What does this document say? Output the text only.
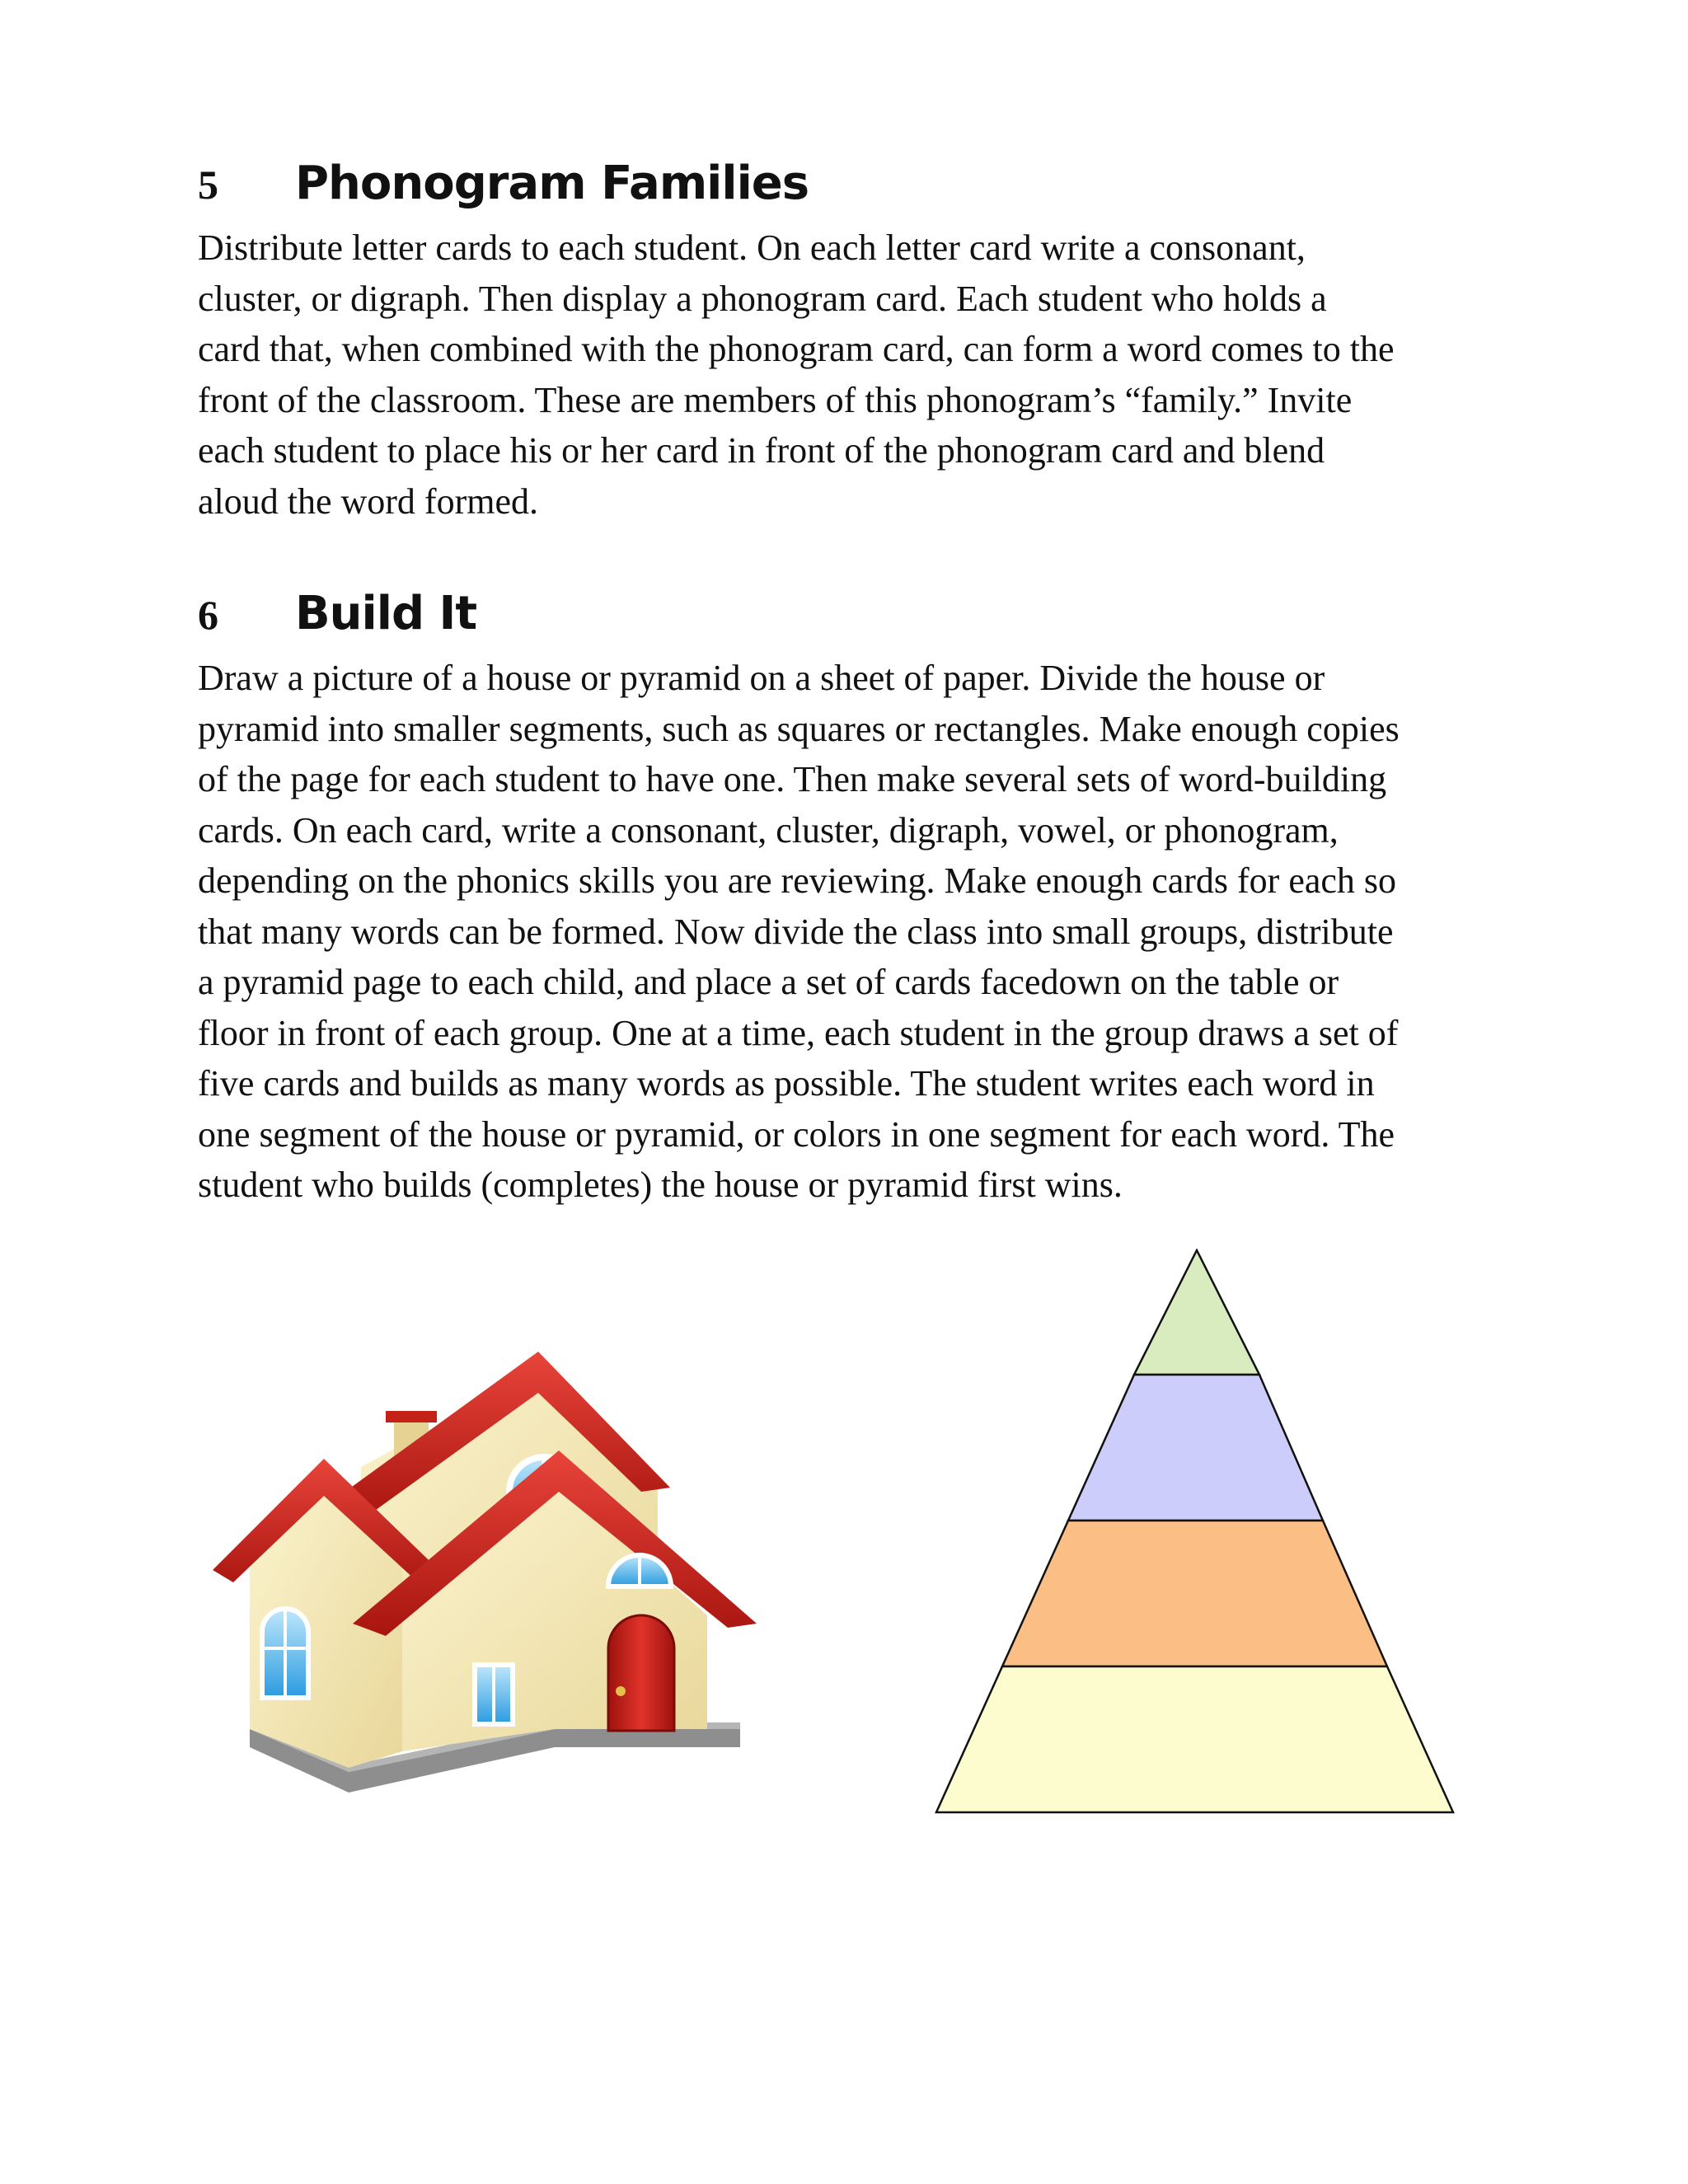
5	Phonogram Families

Distribute letter cards to each student. On each letter card write a consonant,
cluster, or digraph. Then display a phonogram card. Each student who holds a
card that, when combined with the phonogram card, can form a word comes to the
front of the classroom. These are members of this phonogram’s “family.” Invite
each student to place his or her card in front of the phonogram card and blend
aloud the word formed.

6	Build It

Draw a picture of a house or pyramid on a sheet of paper. Divide the house or
pyramid into smaller segments, such as squares or rectangles. Make enough copies
of the page for each student to have one. Then make several sets of word-building
cards. On each card, write a consonant, cluster, digraph, vowel, or phonogram,
depending on the phonics skills you are reviewing. Make enough cards for each so
that many words can be formed. Now divide the class into small groups, distribute
a pyramid page to each child, and place a set of cards facedown on the table or
floor in front of each group. One at a time, each student in the group draws a set of
five cards and builds as many words as possible. The student writes each word in
one segment of the house or pyramid, or colors in one segment for each word. The
student who builds (completes) the house or pyramid first wins.
